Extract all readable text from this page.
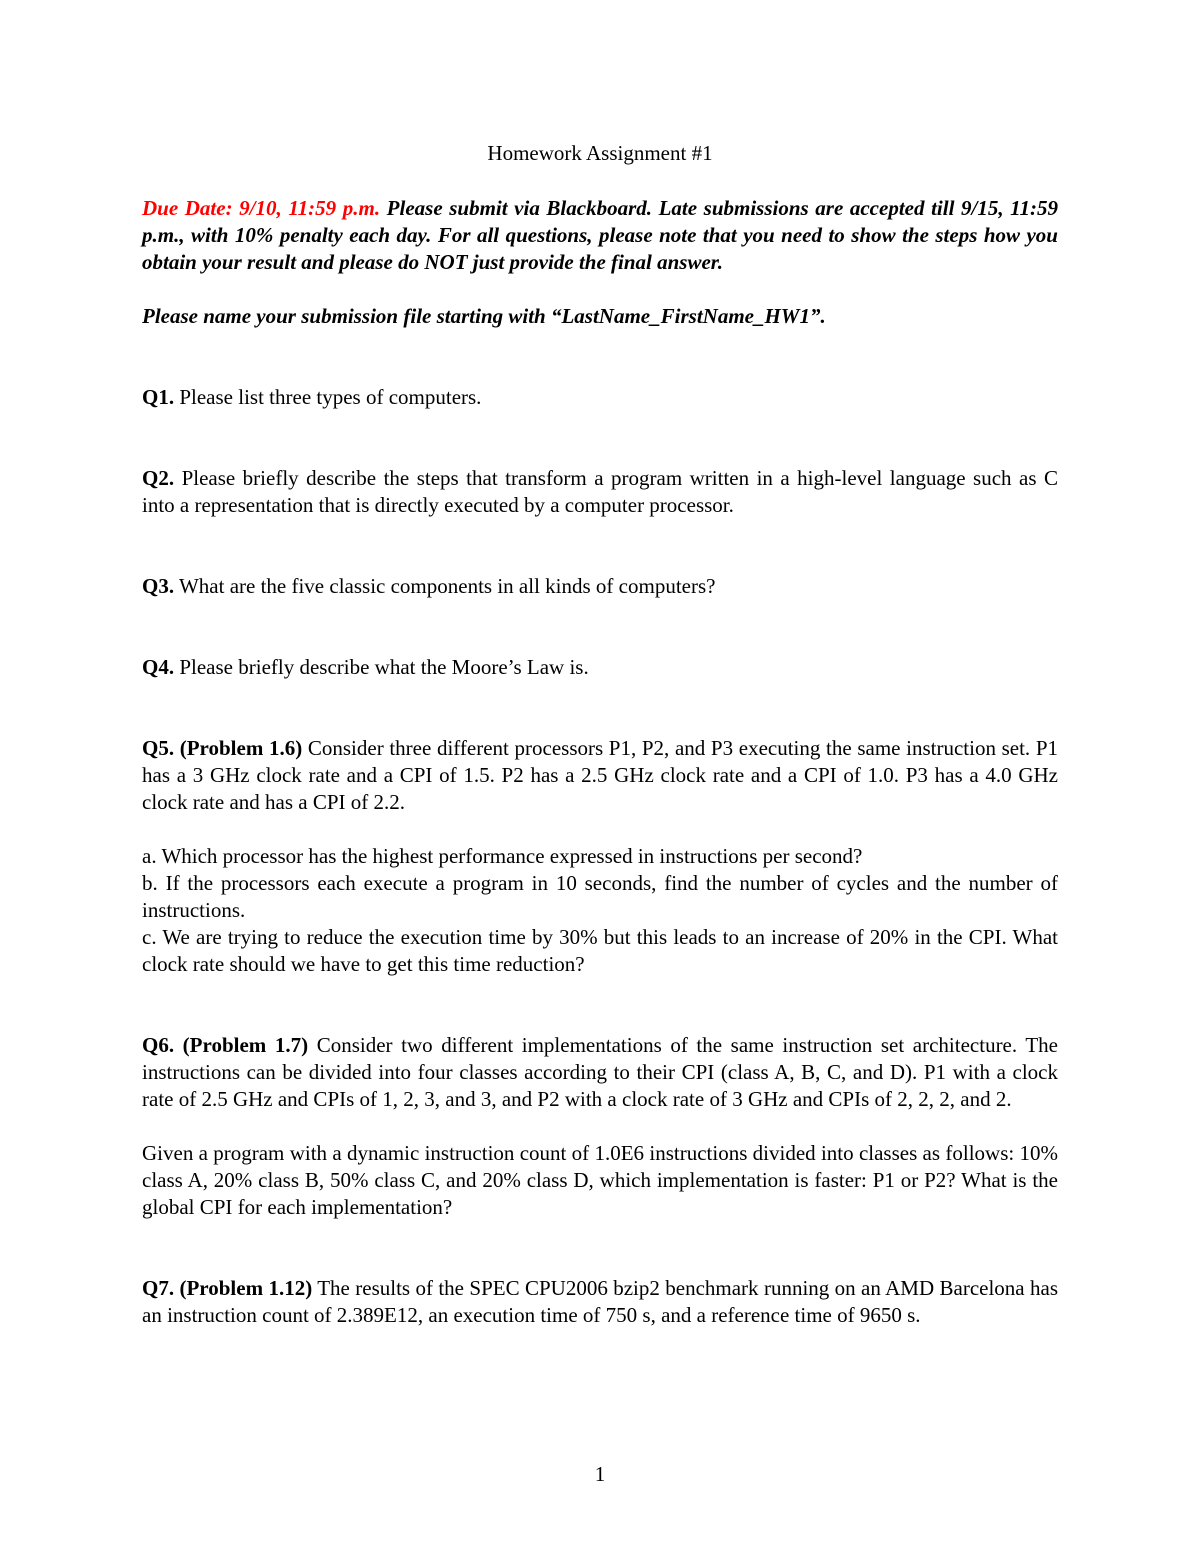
Homework Assignment #1

Due Date: 9/10, 11:59 p.m. Please submit via Blackboard. Late submissions are accepted till 9/15, 11:59 p.m., with 10% penalty each day. For all questions, please note that you need to show the steps how you obtain your result and please do NOT just provide the final answer.

Please name your submission file starting with “LastName_FirstName_HW1”.

Q1. Please list three types of computers.

Q2. Please briefly describe the steps that transform a program written in a high-level language such as C into a representation that is directly executed by a computer processor.

Q3. What are the five classic components in all kinds of computers?

Q4. Please briefly describe what the Moore’s Law is.

Q5. (Problem 1.6) Consider three different processors P1, P2, and P3 executing the same instruction set. P1 has a 3 GHz clock rate and a CPI of 1.5. P2 has a 2.5 GHz clock rate and a CPI of 1.0. P3 has a 4.0 GHz clock rate and has a CPI of 2.2.

a. Which processor has the highest performance expressed in instructions per second?

b. If the processors each execute a program in 10 seconds, find the number of cycles and the number of instructions.

c. We are trying to reduce the execution time by 30% but this leads to an increase of 20% in the CPI. What clock rate should we have to get this time reduction?

Q6. (Problem 1.7) Consider two different implementations of the same instruction set architecture. The instructions can be divided into four classes according to their CPI (class A, B, C, and D). P1 with a clock rate of 2.5 GHz and CPIs of 1, 2, 3, and 3, and P2 with a clock rate of 3 GHz and CPIs of 2, 2, 2, and 2.

Given a program with a dynamic instruction count of 1.0E6 instructions divided into classes as follows: 10% class A, 20% class B, 50% class C, and 20% class D, which implementation is faster: P1 or P2? What is the global CPI for each implementation?

Q7. (Problem 1.12) The results of the SPEC CPU2006 bzip2 benchmark running on an AMD Barcelona has an instruction count of 2.389E12, an execution time of 750 s, and a reference time of 9650 s.

1
